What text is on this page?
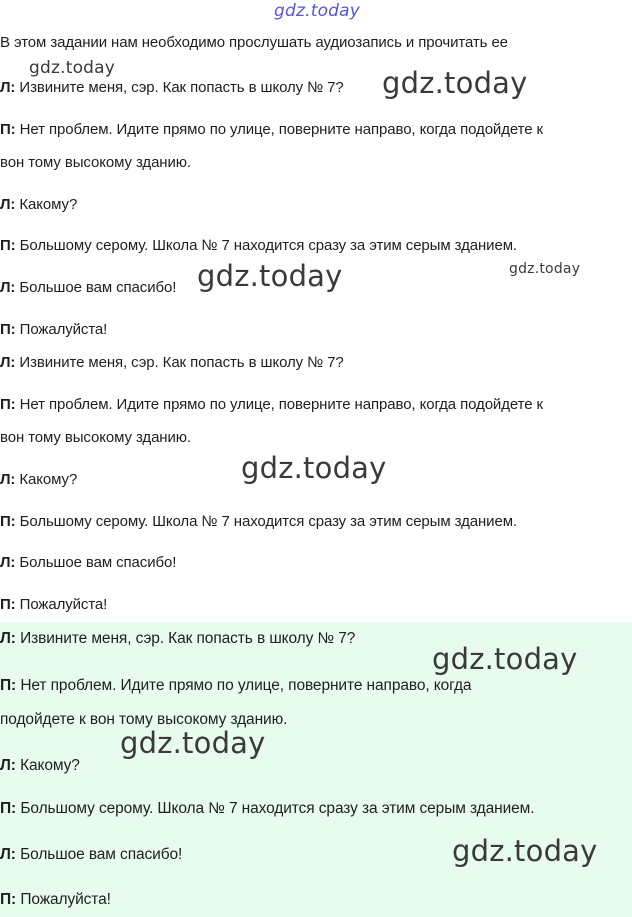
gdz.today
В этом задании нам необходимо прослушать аудиозапись и прочитать ее
gdz.today
Л: Извините меня, сэр. Как попасть в школу № 7?
П: Нет проблем. Идите прямо по улице, поверните направо, когда подойдете к
вон тому высокому зданию.
Л: Какому?
П: Большому серому. Школа № 7 находится сразу за этим серым зданием.
Л: Большое вам спасибо!
П: Пожалуйста!
gdz.today
gdz.today	gdz.today
Л: Извините меня, сэр. Как попасть в школу № 7?
П: Нет проблем. Идите прямо по улице, поверните направо, когда подойдете к
вон тому высокому зданию.
Л: Какому?
П: Большому серому. Школа № 7 находится сразу за этим серым зданием.
Л: Большое вам спасибо!
П: Пожалуйста!
gdz.today
Л: Извините меня, сэр. Как попасть в школу № 7?
П: Нет проблем. Идите прямо по улице, поверните направо, когда
подойдете к вон тому высокому зданию.
Л: Какому?
П: Большому серому. Школа № 7 находится сразу за этим серым зданием.
Л: Большое вам спасибо!
П: Пожалуйста!
gdz.today
gdz.today
gdz.today
